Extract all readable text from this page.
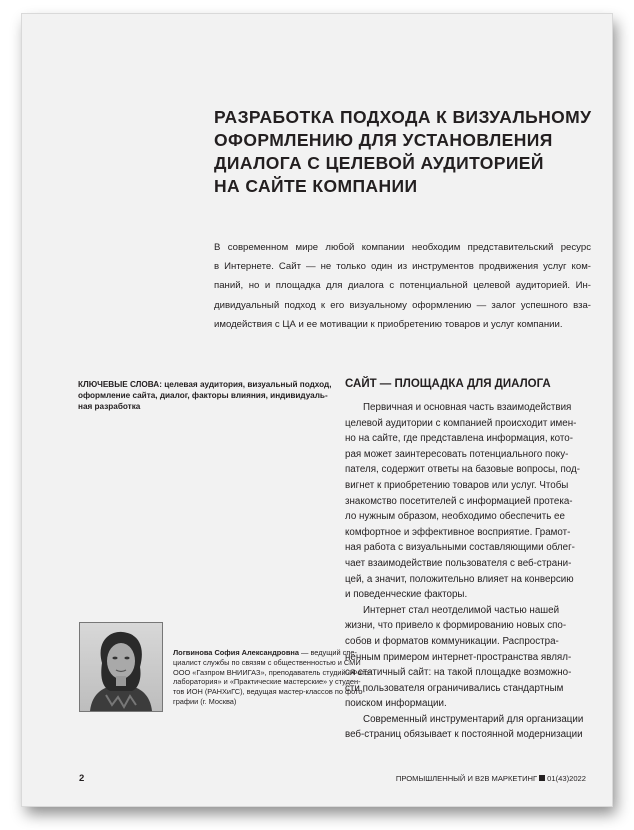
РАЗРАБОТКА ПОДХОДА К ВИЗУАЛЬНОМУ
ОФОРМЛЕНИЮ ДЛЯ УСТАНОВЛЕНИЯ
ДИАЛОГА С ЦЕЛЕВОЙ АУДИТОРИЕЙ
НА САЙТЕ КОМПАНИИ
В современном мире любой компании необходим представительский ресурс
в Интернете. Сайт — не только один из инструментов продвижения услуг ком-
паний, но и площадка для диалога с потенциальной целевой аудиторией. Ин-
дивидуальный подход к его визуальному оформлению — залог успешного вза-
имодействия с ЦА и ее мотивации к приобретению товаров и услуг компании.
КЛЮЧЕВЫЕ СЛОВА: целевая аудитория, визуальный подход,
оформление сайта, диалог, факторы влияния, индивидуаль-
ная разработка
САЙТ — ПЛОЩАДКА ДЛЯ ДИАЛОГА
Первичная и основная часть взаимодействия
целевой аудитории с компанией происходит имен-
но на сайте, где представлена информация, кото-
рая может заинтересовать потенциального поку-
пателя, содержит ответы на базовые вопросы, под-
вигнет к приобретению товаров или услуг. Чтобы
знакомство посетителей с информацией протека-
ло нужным образом, необходимо обеспечить ее
комфортное и эффективное восприятие. Грамот-
ная работа с визуальными составляющими облег-
чает взаимодействие пользователя с веб-страни-
цей, а значит, положительно влияет на конверсию
и поведенческие факторы.
Интернет стал неотделимой частью нашей
жизни, что привело к формированию новых спо-
собов и форматов коммуникации. Распростра-
ненным примером интернет-пространства являл-
ся статичный сайт: на такой площадке возможно-
сти пользователя ограничивались стандартным
поиском информации.
Современный инструментарий для организации
веб-страниц обязывает к постоянной модернизации
Логвинова София Александровна — ведущий спе-
циалист службы по связям с общественностью и СМИ
ООО «Газпром ВНИИГАЗ», преподаватель студий «Фото-
лаборатория» и «Практические мастерские» у студен-
тов ИОН (РАНХиГС), ведущая мастер-классов по фото-
графии (г. Москва)
2	ПРОМЫШЛЕННЫЙ И B2B МАРКЕТИНГ 01(43)2022
